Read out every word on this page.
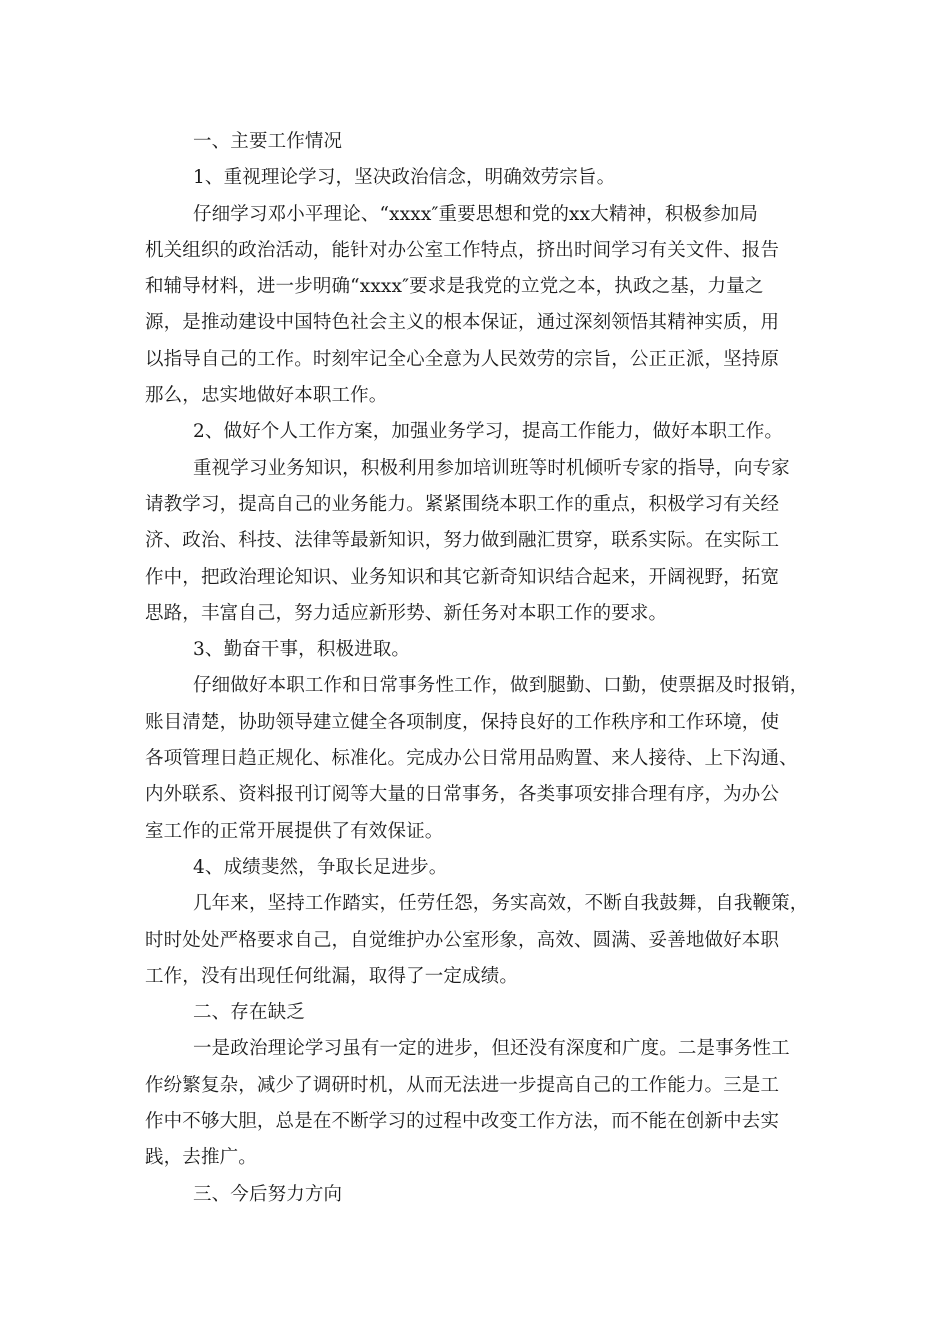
一、主要工作情况
1、重视理论学习，坚决政治信念，明确效劳宗旨。
仔细学习邓小平理论、“xxxx″重要思想和党的xx大精神，积极参加局
机关组织的政治活动，能针对办公室工作特点，挤出时间学习有关文件、报告
和辅导材料，进一步明确“xxxx″要求是我党的立党之本，执政之基，力量之
源，是推动建设中国特色社会主义的根本保证，通过深刻领悟其精神实质，用
以指导自己的工作。时刻牢记全心全意为人民效劳的宗旨，公正正派，坚持原
那么，忠实地做好本职工作。
2、做好个人工作方案，加强业务学习，提高工作能力，做好本职工作。
重视学习业务知识，积极利用参加培训班等时机倾听专家的指导，向专家
请教学习，提高自己的业务能力。紧紧围绕本职工作的重点，积极学习有关经
济、政治、科技、法律等最新知识，努力做到融汇贯穿，联系实际。在实际工
作中，把政治理论知识、业务知识和其它新奇知识结合起来，开阔视野，拓宽
思路，丰富自己，努力适应新形势、新任务对本职工作的要求。
3、勤奋干事，积极进取。
仔细做好本职工作和日常事务性工作，做到腿勤、口勤，使票据及时报销，
账目清楚，协助领导建立健全各项制度，保持良好的工作秩序和工作环境，使
各项管理日趋正规化、标准化。完成办公日常用品购置、来人接待、上下沟通、
内外联系、资料报刊订阅等大量的日常事务，各类事项安排合理有序，为办公
室工作的正常开展提供了有效保证。
4、成绩斐然，争取长足进步。
几年来，坚持工作踏实，任劳任怨，务实高效，不断自我鼓舞，自我鞭策，
时时处处严格要求自己，自觉维护办公室形象，高效、圆满、妥善地做好本职
工作，没有出现任何纰漏，取得了一定成绩。
二、存在缺乏
一是政治理论学习虽有一定的进步，但还没有深度和广度。二是事务性工
作纷繁复杂，减少了调研时机，从而无法进一步提高自己的工作能力。三是工
作中不够大胆，总是在不断学习的过程中改变工作方法，而不能在创新中去实
践，去推广。
三、今后努力方向
